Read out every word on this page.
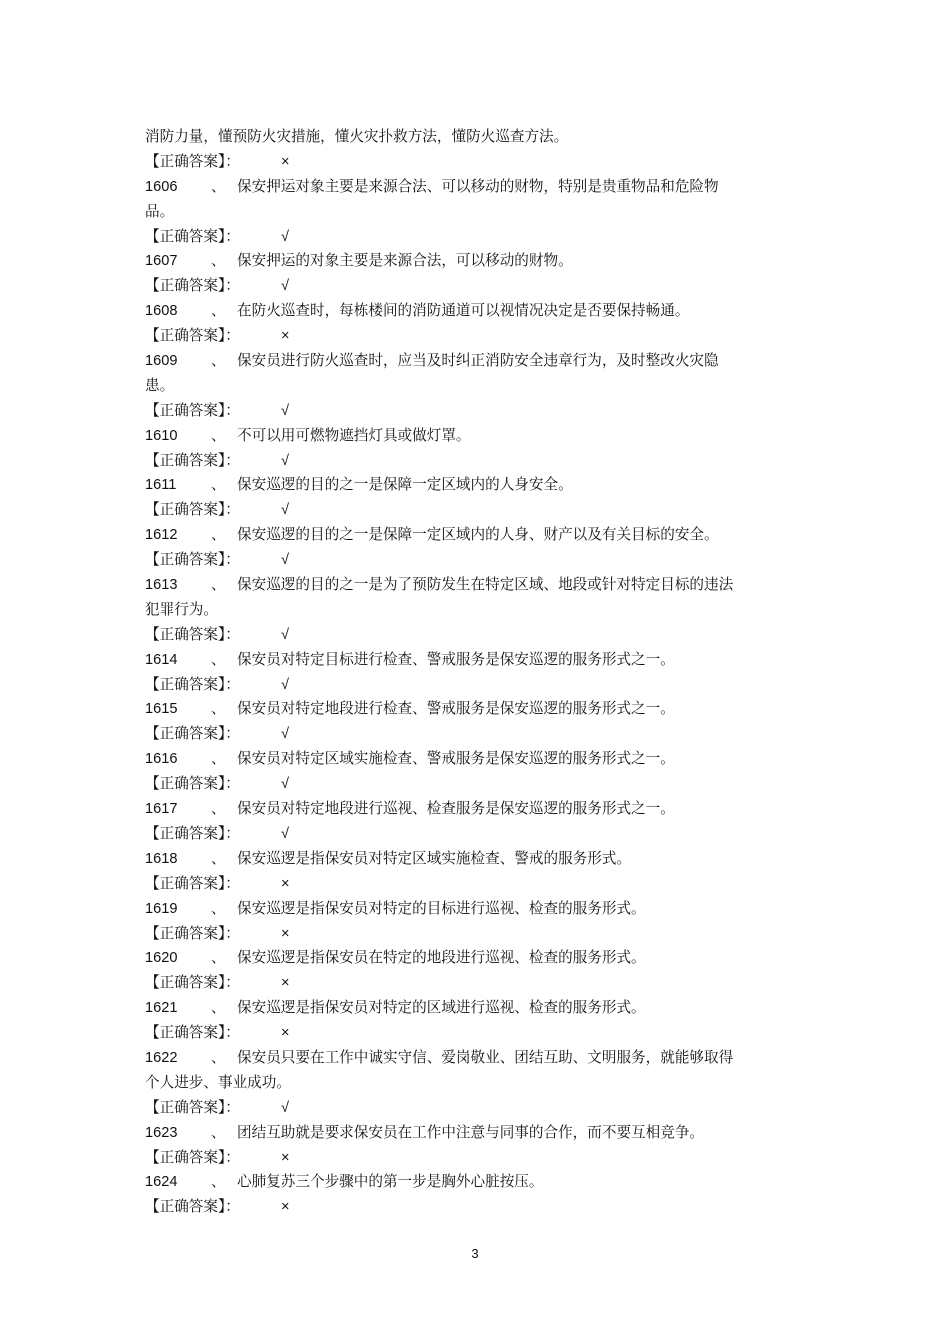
消防力量，懂预防火灾措施，懂火灾扑救方法，懂防火巡查方法。
【正确答案】：	×
1606 、 保安押运对象主要是来源合法、可以移动的财物，特别是贵重物品和危险物
品。
【正确答案】：	√
1607 、 保安押运的对象主要是来源合法，可以移动的财物。
【正确答案】：	√
1608 、 在防火巡查时，每栋楼间的消防通道可以视情况决定是否要保持畅通。
【正确答案】：	×
1609 、 保安员进行防火巡查时，应当及时纠正消防安全违章行为，及时整改火灾隐
患。
【正确答案】：	√
1610 、 不可以用可燃物遮挡灯具或做灯罩。
【正确答案】：	√
1611 、 保安巡逻的目的之一是保障一定区域内的人身安全。
【正确答案】：	√
1612 、 保安巡逻的目的之一是保障一定区域内的人身、财产以及有关目标的安全。
【正确答案】：	√
1613 、 保安巡逻的目的之一是为了预防发生在特定区域、地段或针对特定目标的违法
犯罪行为。
【正确答案】：	√
1614 、 保安员对特定目标进行检查、警戒服务是保安巡逻的服务形式之一。
【正确答案】：	√
1615 、 保安员对特定地段进行检查、警戒服务是保安巡逻的服务形式之一。
【正确答案】：	√
1616 、 保安员对特定区域实施检查、警戒服务是保安巡逻的服务形式之一。
【正确答案】：	√
1617 、 保安员对特定地段进行巡视、检查服务是保安巡逻的服务形式之一。
【正确答案】：	√
1618 、 保安巡逻是指保安员对特定区域实施检查、警戒的服务形式。
【正确答案】：	×
1619 、 保安巡逻是指保安员对特定的目标进行巡视、检查的服务形式。
【正确答案】：	×
1620 、 保安巡逻是指保安员在特定的地段进行巡视、检查的服务形式。
【正确答案】：	×
1621 、 保安巡逻是指保安员对特定的区域进行巡视、检查的服务形式。
【正确答案】：	×
1622 、 保安员只要在工作中诚实守信、爱岗敬业、团结互助、文明服务，就能够取得
个人进步、事业成功。
【正确答案】：	√
1623 、 团结互助就是要求保安员在工作中注意与同事的合作，而不要互相竞争。
【正确答案】：	×
1624 、 心肺复苏三个步骤中的第一步是胸外心脏按压。
【正确答案】：	×
3
